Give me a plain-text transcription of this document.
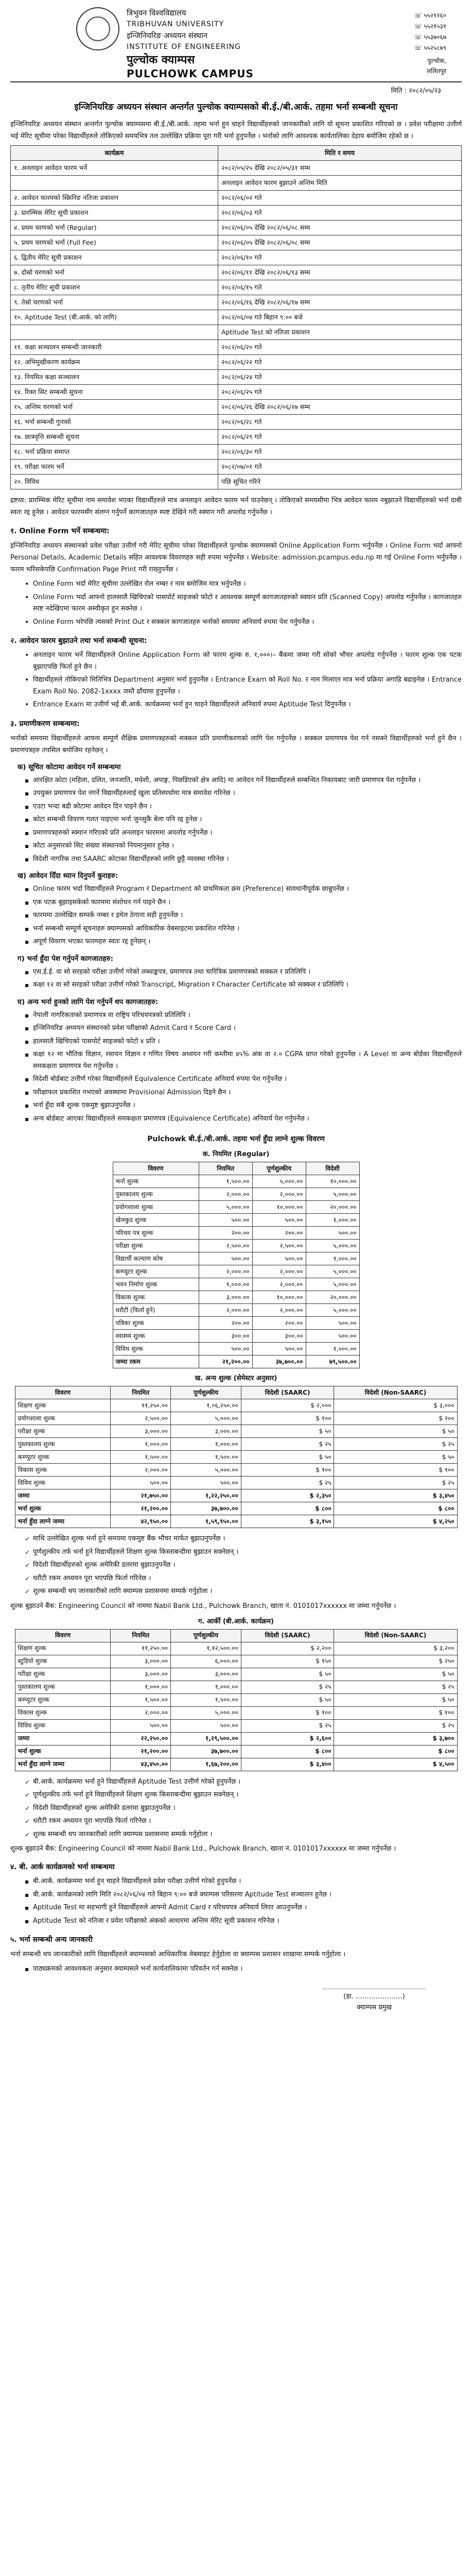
त्रिभुवन विश्वविद्यालय
TRIBHUVAN UNIVERSITY
इन्जिनियरिङ अध्ययन संस्थान
INSTITUTE OF ENGINEERING
पुल्चोक क्याम्पस
PULCHOWK CAMPUS
☏ ५५२१२६०
☏ ५५२१५३१
☏ ५५३७०६७
☏ ५५२५८७९
पुल्चोक,
ललितपुर
मिति : २०८२/०५/२३
इन्जिनियरिङ अध्ययन संस्थान अन्तर्गत पुल्चोक क्याम्पसको बी.ई./बी.आर्क. तहमा भर्ना सम्बन्धी सूचना

इन्जिनियरिङ अध्ययन संस्थान अन्तर्गत पुल्चोक क्याम्पसमा बी.ई./बी.आर्क. तहमा भर्ना हुन चाहने विद्यार्थीहरुको जानकारीको लागि यो सूचना प्रकाशित गरिएको छ । प्रवेश परीक्षामा उत्तीर्ण भई मेरिट सूचीमा परेका विद्यार्थीहरुले तोकिएको समयभित्र तल उल्लेखित प्रक्रिया पूरा गरी भर्ना हुनुपर्नेछ । भर्नाको लागि आवश्यक कार्यतालिका देहाय बमोजिम रहेको छ ।

कार्यक्रम	मिति र समय
१. अनलाइन आवेदन फारम भर्ने	२०८२/०५/२५ देखि २०८२/०५/३१ सम्म
	अनलाइन आवेदन फारम बुझाउने अन्तिम मिति
२. आवेदन फारमको स्क्रिनिङ नतिजा प्रकाशन	२०८२/०६/०२ गते
३. प्रारम्भिक मेरिट सूची प्रकाशन	२०८२/०६/०३ गते
४. प्रथम चरणको भर्ना (Regular)	२०८२/०६/०५ देखि २०८२/०६/०८ सम्म
५. प्रथम चरणको भर्ना (Full Fee)	२०८२/०६/०५ देखि २०८२/०६/०८ सम्म
६. द्वितीय मेरिट सूची प्रकाशन	२०८२/०६/१० गते
७. दोस्रो चरणको भर्ना	२०८२/०६/११ देखि २०८२/०६/१३ सम्म
८. तृतीय मेरिट सूची प्रकाशन	२०८२/०६/१५ गते
९. तेस्रो चरणको भर्ना	२०८२/०६/१६ देखि २०८२/०६/१७ सम्म
१०. Aptitude Test (बी.आर्क. को लागि)	२०८२/०६/०४ गते बिहान ९:०० बजे
	Aptitude Test को नतिजा प्रकाशन
११. कक्षा सञ्चालन सम्बन्धी जानकारी	२०८२/०६/२० गते
१२. अभिमुखीकरण कार्यक्रम	२०८२/०६/२२ गते
१३. नियमित कक्षा सञ्चालन	२०८२/०६/२४ गते
१४. रिक्त सिट सम्बन्धी सूचना	२०८२/०६/२५ गते
१५. अन्तिम चरणको भर्ना	२०८२/०६/२६ देखि २०८२/०६/२७ सम्म
१६. भर्ना सम्बन्धी गुनासो	२०८२/०६/२८ गते
१७. छात्रवृत्ति सम्बन्धी सूचना	२०८२/०६/२९ गते
१८. भर्ना प्रक्रिया समाप्त	२०८२/०६/३० गते
१९. परीक्षा फारम भर्ने	२०८२/०७/०१ गते
२०. विविध	पछि सूचित गरिने

द्रष्टव्य: प्रारम्भिक मेरिट सूचीमा नाम समावेश भएका विद्यार्थीहरुले मात्र अनलाइन आवेदन फारम भर्न पाउनेछन् । तोकिएको समयसीमा भित्र आवेदन फारम नबुझाउने विद्यार्थीहरुको भर्ना दाबी स्वतः रद्द हुनेछ । आवेदन फारमसँग संलग्न गर्नुपर्ने कागजातहरु स्पष्ट देखिने गरी स्क्यान गरी अपलोड गर्नुपर्नेछ ।

१. Online Form भर्ने सम्बन्धमा:

इन्जिनियरिङ अध्ययन संस्थानको प्रवेश परीक्षा उत्तीर्ण गरी मेरिट सूचीमा परेका विद्यार्थीहरुले पुल्चोक क्याम्पसको Online Application Form भर्नुपर्नेछ । Online Form भर्दा आफ्नो Personal Details, Academic Details सहित आवश्यक विवरणहरु सही रुपमा भर्नुपर्नेछ । Website: admission.pcampus.edu.np मा गई Online Form भर्नुपर्नेछ । फारम भरिसकेपछि Confirmation Page Print गरी राख्नुपर्नेछ ।

• Online Form भर्दा मेरिट सूचीमा उल्लेखित रोल नम्बर र नाम बमोजिम मात्र भर्नुपर्नेछ ।
• Online Form भर्दा आफ्नो हालसालै खिचिएको पासपोर्ट साइजको फोटो र आवश्यक सम्पूर्ण कागजातहरुको स्क्यान प्रति (Scanned Copy) अपलोड गर्नुपर्नेछ । कागजातहरु स्पष्ट नदेखिएमा फारम अस्वीकृत हुन सक्नेछ ।
• Online Form भरेपछि त्यसको Print Out र सक्कल कागजातहरु भर्नाको समयमा अनिवार्य रुपमा पेश गर्नुपर्नेछ ।
२. आवेदन फारम बुझाउने तथा भर्ना सम्बन्धी सूचना:
• अनलाइन फारम भर्ने विद्यार्थीहरुले Online Application Form को फारम शुल्क रु. १,०००।– बैंकमा जम्मा गरी सोको भौचर अपलोड गर्नुपर्नेछ । फारम शुल्क एक पटक बुझाएपछि फिर्ता हुने छैन ।
• विद्यार्थीहरुले तोकिएको मितिभित्र Department अनुसार भर्ना हुनुपर्नेछ । Entrance Exam को Roll No. र नाम मिलाएर मात्र भर्ना प्रक्रिया अगाडि बढाइनेछ । Entrance Exam Roll No. 2082-1xxxx जस्तै ढाँचामा हुनुपर्नेछ ।
• Entrance Exam मा उत्तीर्ण भई बी.आर्क. कार्यक्रममा भर्ना हुन चाहने विद्यार्थीहरुले अनिवार्य रुपमा Aptitude Test दिनुपर्नेछ ।
३. प्रमाणीकरण सम्बन्धमा:

भर्नाको समयमा विद्यार्थीहरुले आफ्ना सम्पूर्ण शैक्षिक प्रमाणपत्रहरुको सक्कल प्रति प्रमाणीकरणको लागि पेश गर्नुपर्नेछ । सक्कल प्रमाणपत्र पेश गर्न नसक्ने विद्यार्थीहरुको भर्ना हुने छैन । प्रमाणपत्रहरु तपसिल बमोजिम रहनेछन् ।

क) सूचित कोटामा आवेदन गर्ने सम्बन्धमा
▪ आरक्षित कोटा (महिला, दलित, जनजाति, मधेशी, अपाङ्ग, पिछडिएको क्षेत्र आदि) मा आवेदन गर्ने विद्यार्थीहरुले सम्बन्धित निकायबाट जारी प्रमाणपत्र पेश गर्नुपर्नेछ ।
▪ उपयुक्त प्रमाणपत्र पेश नगर्ने विद्यार्थीहरुलाई खुला प्रतिस्पर्धामा मात्र समावेश गरिनेछ ।
▪ एउटा भन्दा बढी कोटामा आवेदन दिन पाइने छैन ।
▪ कोटा सम्बन्धी विवरण गलत पाइएमा भर्ना जुनसुकै बेला पनि रद्द हुनेछ ।
▪ प्रमाणपत्रहरुको स्क्यान गरिएको प्रति अनलाइन फारममा अपलोड गर्नुपर्नेछ ।
▪ कोटा अनुसारको सिट संख्या संस्थानको नियमानुसार हुनेछ ।
▪ विदेशी नागरिक तथा SAARC कोटाका विद्यार्थीहरुको लागि छुट्टै व्यवस्था गरिनेछ ।
ख) आवेदन दिँदा ध्यान दिनुपर्ने कुराहरु:
▪ Online फारम भर्दा विद्यार्थीहरुले Program र Department को प्राथमिकता क्रम (Preference) सावधानीपूर्वक छान्नुपर्नेछ ।
▪ एक पटक बुझाइसकेको फारममा संशोधन गर्न पाइने छैन ।
▪ फारममा उल्लेखित सम्पर्क नम्बर र इमेल ठेगाना सही हुनुपर्नेछ ।
▪ भर्ना सम्बन्धी सम्पूर्ण सूचनाहरु क्याम्पसको आधिकारिक वेबसाइटमा प्रकाशित गरिनेछ ।
▪ अपूर्ण विवरण भएका फारमहरु स्वतः रद्द हुनेछन् ।
ग) भर्ना हुँदा पेश गर्नुपर्ने कागजातहरु:
▪ एस.ई.ई. वा सो सरहको परीक्षा उत्तीर्ण गरेको लब्धाङ्कपत्र, प्रमाणपत्र तथा चारित्रिक प्रमाणपत्रको सक्कल र प्रतिलिपि ।
▪ कक्षा १२ वा सो सरहको परीक्षा उत्तीर्ण गरेको Transcript, Migration र Character Certificate को सक्कल र प्रतिलिपि ।
घ) अन्य भर्ना हुनको लागि पेश गर्नुपर्ने थप कागजातहरु:
▪ नेपाली नागरिकताको प्रमाणपत्र वा राष्ट्रिय परिचयपत्रको प्रतिलिपि ।
▪ इन्जिनियरिङ अध्ययन संस्थानको प्रवेश परीक्षाको Admit Card र Score Card ।
▪ हालसालै खिचिएको पासपोर्ट साइजको फोटो ४ प्रति ।
▪ कक्षा १२ मा भौतिक विज्ञान, रसायन विज्ञान र गणित विषय अध्ययन गरी कम्तीमा ४५% अंक वा २.० CGPA प्राप्त गरेको हुनुपर्नेछ । A Level वा अन्य बोर्डका विद्यार्थीहरुले समकक्षता प्रमाणपत्र पेश गर्नुपर्नेछ ।
▪ विदेशी बोर्डबाट उत्तीर्ण गरेका विद्यार्थीहरुले Equivalence Certificate अनिवार्य रुपमा पेश गर्नुपर्नेछ ।
▪ परीक्षाफल प्रकाशित नभएको अवस्थामा Provisional Admission दिइने छैन ।
▪ भर्ना हुँदा सबै शुल्क एकमुष्ट बुझाउनुपर्नेछ ।
▪ अन्य बोर्डबाट आएका विद्यार्थीहरुले समकक्षता प्रमाणपत्र (Equivalence Certificate) अनिवार्य पेश गर्नुपर्नेछ ।
Pulchowk बी.ई./बी.आर्क. तहमा भर्ना हुँदा लाग्ने शुल्क विवरण
क. नियमित (Regular)
विवरण	नियमित	पूर्णशुल्कीय	विदेशी
भर्ना शुल्क	१,५००.००	५,०००.००	१०,०००.००
पुस्तकालय शुल्क	२,०००.००	२,०००.००	५,०००.००
प्रयोगशाला शुल्क	५,०००.००	१०,०००.००	२०,०००.००
खेलकुद शुल्क	५००.००	५००.००	१,०००.००
परिचय पत्र शुल्क	२००.००	२००.००	५००.००
परीक्षा शुल्क	२,५००.००	२,५००.००	५,०००.००
विद्यार्थी कल्याण कोष	५००.००	५००.००	१,०००.००
कम्प्युटर शुल्क	२,०००.००	२,०००.००	५,०००.००
भवन निर्माण शुल्क	१,०००.००	२,०००.००	५,०००.००
विकास शुल्क	३,०००.००	१०,०००.००	२०,०००.००
धरौटी (फिर्ता हुने)	२,०००.००	२,०००.००	५,०००.००
पत्रिका शुल्क	२००.००	२००.००	५००.००
स्वास्थ्य शुल्क	३००.००	३००.००	५००.००
विविध शुल्क	५००.००	५००.००	१,०००.००
जम्मा रकम	२१,२००.००	३७,७००.००	७९,५००.००
ख. अन्य शुल्क (सेमेस्टर अनुसार)
विवरण	नियमित	पूर्णशुल्कीय	विदेशी (SAARC)	विदेशी (Non-SAARC)
शिक्षण शुल्क	११,२५०.००	१,०६,२५०.००	$ २,०००	$ ३,०००
प्रयोगशाला शुल्क	२,५००.००	५,०००.००	$ १००	$ २००
परीक्षा शुल्क	३,०००.००	३,०००.००	$ ५०	$ ५०
पुस्तकालय शुल्क	१,०००.००	१,०००.००	$ २५	$ २५
कम्प्युटर शुल्क	१,५००.००	१,५००.००	$ ५०	$ ५०
विकास शुल्क	२,०००.००	५,०००.००	$ १००	$ १००
विविध शुल्क	५००.००	५००.००	$ २५	$ २५
जम्मा	२१,७५०.००	१,२२,२५०.००	$ २,३५०	$ ३,४५०
भर्ना शुल्क	२१,२००.००	३७,७००.००	$ ८००	$ ८००
भर्ना हुँदा लाग्ने जम्मा	४२,९५०.००	१,५९,९५०.००	$ ३,१५०	$ ४,२५०
✓ माथि उल्लेखित शुल्क भर्ना हुने समयमा एकमुष्ट बैंक भौचर मार्फत बुझाउनुपर्नेछ ।
✓ पूर्णशुल्कीय तर्फ भर्ना हुने विद्यार्थीहरुले शिक्षण शुल्क किस्ताबन्दीमा बुझाउन सक्नेछन् ।
✓ विदेशी विद्यार्थीहरुको शुल्क अमेरिकी डलरमा बुझाउनुपर्नेछ ।
✓ धरौटी रकम अध्ययन पूरा भएपछि फिर्ता गरिनेछ ।
✓ शुल्क सम्बन्धी थप जानकारीको लागि क्याम्पस प्रशासनमा सम्पर्क गर्नुहोला ।

शुल्क बुझाउने बैंक: Engineering Council को नाममा Nabil Bank Ltd., Pulchowk Branch, खाता नं. 0101017xxxxxx मा जम्मा गर्नुपर्नेछ ।

ग. आर्की (बी.आर्क. कार्यक्रम)
विवरण	नियमित	पूर्णशुल्कीय	विदेशी (SAARC)	विदेशी (Non-SAARC)
शिक्षण शुल्क	११,२५०.००	१,१२,५००.००	$ २,२००	$ ३,२००
स्टुडियो शुल्क	३,०००.००	६,०००.००	$ १५०	$ २५०
परीक्षा शुल्क	३,०००.००	३,०००.००	$ ५०	$ ५०
पुस्तकालय शुल्क	१,०००.००	१,०००.००	$ २५	$ २५
कम्प्युटर शुल्क	१,५००.००	१,५००.००	$ ५०	$ ५०
विकास शुल्क	२,०००.००	५,०००.००	$ १००	$ १००
विविध शुल्क	५००.००	५००.००	$ २५	$ २५
जम्मा	२२,२५०.००	१,२९,५००.००	$ २,६००	$ ३,७००
भर्ना शुल्क	२१,२००.००	३७,७००.००	$ ८००	$ ८००
भर्ना हुँदा लाग्ने जम्मा	४३,४५०.००	१,६७,२००.००	$ ३,४००	$ ४,५००
✓ बी.आर्क. कार्यक्रममा भर्ना हुने विद्यार्थीहरुले Aptitude Test उत्तीर्ण गरेको हुनुपर्नेछ ।
✓ पूर्णशुल्कीय तर्फ भर्ना हुने विद्यार्थीहरुले शिक्षण शुल्क किस्ताबन्दीमा बुझाउन सक्नेछन् ।
✓ विदेशी विद्यार्थीहरुको शुल्क अमेरिकी डलरमा बुझाउनुपर्नेछ ।
✓ धरौटी रकम अध्ययन पूरा भएपछि फिर्ता गरिनेछ ।
✓ शुल्क सम्बन्धी थप जानकारीको लागि क्याम्पस प्रशासनमा सम्पर्क गर्नुहोला ।

शुल्क बुझाउने बैंक: Engineering Council को नाममा Nabil Bank Ltd., Pulchowk Branch, खाता नं. 0101017xxxxxx मा जम्मा गर्नुपर्नेछ ।

४. बी. आर्क कार्यक्रमको भर्ना सम्बन्धमा
▪ बी.आर्क. कार्यक्रममा भर्ना हुन चाहने विद्यार्थीहरुले प्रवेश परीक्षा उत्तीर्ण गरेको हुनुपर्नेछ ।
▪ बी.आर्क. कार्यक्रमको लागि मिति २०८२/०६/०४ गते बिहान ९:०० बजे क्याम्पस परिसरमा Aptitude Test सञ्चालन हुनेछ ।
▪ Aptitude Test मा सहभागी हुने विद्यार्थीहरुले आफ्नो Admit Card र परिचयपत्र अनिवार्य लिएर आउनुपर्नेछ ।
▪ Aptitude Test को नतिजा र प्रवेश परीक्षाको अंकको आधारमा अन्तिम मेरिट सूची प्रकाशन गरिनेछ ।
५. भर्ना सम्बन्धी अन्य जानकारी

भर्ना सम्बन्धी थप जानकारीको लागि विद्यार्थीहरुले क्याम्पसको आधिकारिक वेबसाइट हेर्नुहोला वा क्याम्पस प्रशासन शाखामा सम्पर्क गर्नुहोला ।

▪ पाठ्यक्रमको आवश्यकता अनुसार क्याम्पसले भर्ना कार्यतालिकामा परिवर्तन गर्न सक्नेछ ।
(डा. …………………)
क्याम्पस प्रमुख
